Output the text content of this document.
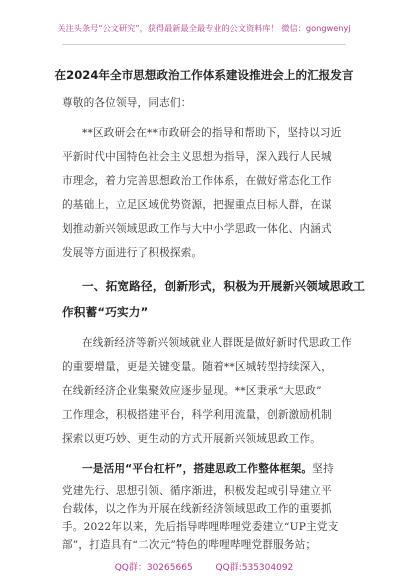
关注头条号“公文研究”，获得最新最全最专业的公文资料库！ 微信：gongwenyj
在2024年全市思想政治工作体系建设推进会上的汇报发言
尊敬的各位领导，同志们：
**区政研会在**市政研会的指导和帮助下，坚持以习近
平新时代中国特色社会主义思想为指导，深入践行人民城
市理念，着力完善思想政治工作体系，在做好常态化工作
的基础上，立足区域优势资源，把握重点目标人群，在谋
划推动新兴领域思政工作与大中小学思政一体化、内涵式
发展等方面进行了积极探索。
一、拓宽路径，创新形式，积极为开展新兴领域思政工
作积蓄“巧实力”
在线新经济等新兴领域就业人群既是做好新时代思政工作
的重要增量，更是关键变量。随着**区城转型持续深入，
在线新经济企业集聚效应逐步显现。**区秉承“大思政”
工作理念，积极搭建平台，科学利用流量，创新激励机制
探索以更巧妙、更生动的方式开展新兴领域思政工作。
一是活用“平台杠杆”，搭建思政工作整体框架。坚持
QQ群：30265665	QQ群:535304092
党建先行、思想引领、循序渐进，积极发起或引导建立平
台载体，以之作为开展在线新经济领域思政工作的重要抓
手。2022年以来，先后指导哔哩哔哩党委建立“UP主党支
部”，打造具有“二次元”特色的哔哩哔哩党群服务站；
